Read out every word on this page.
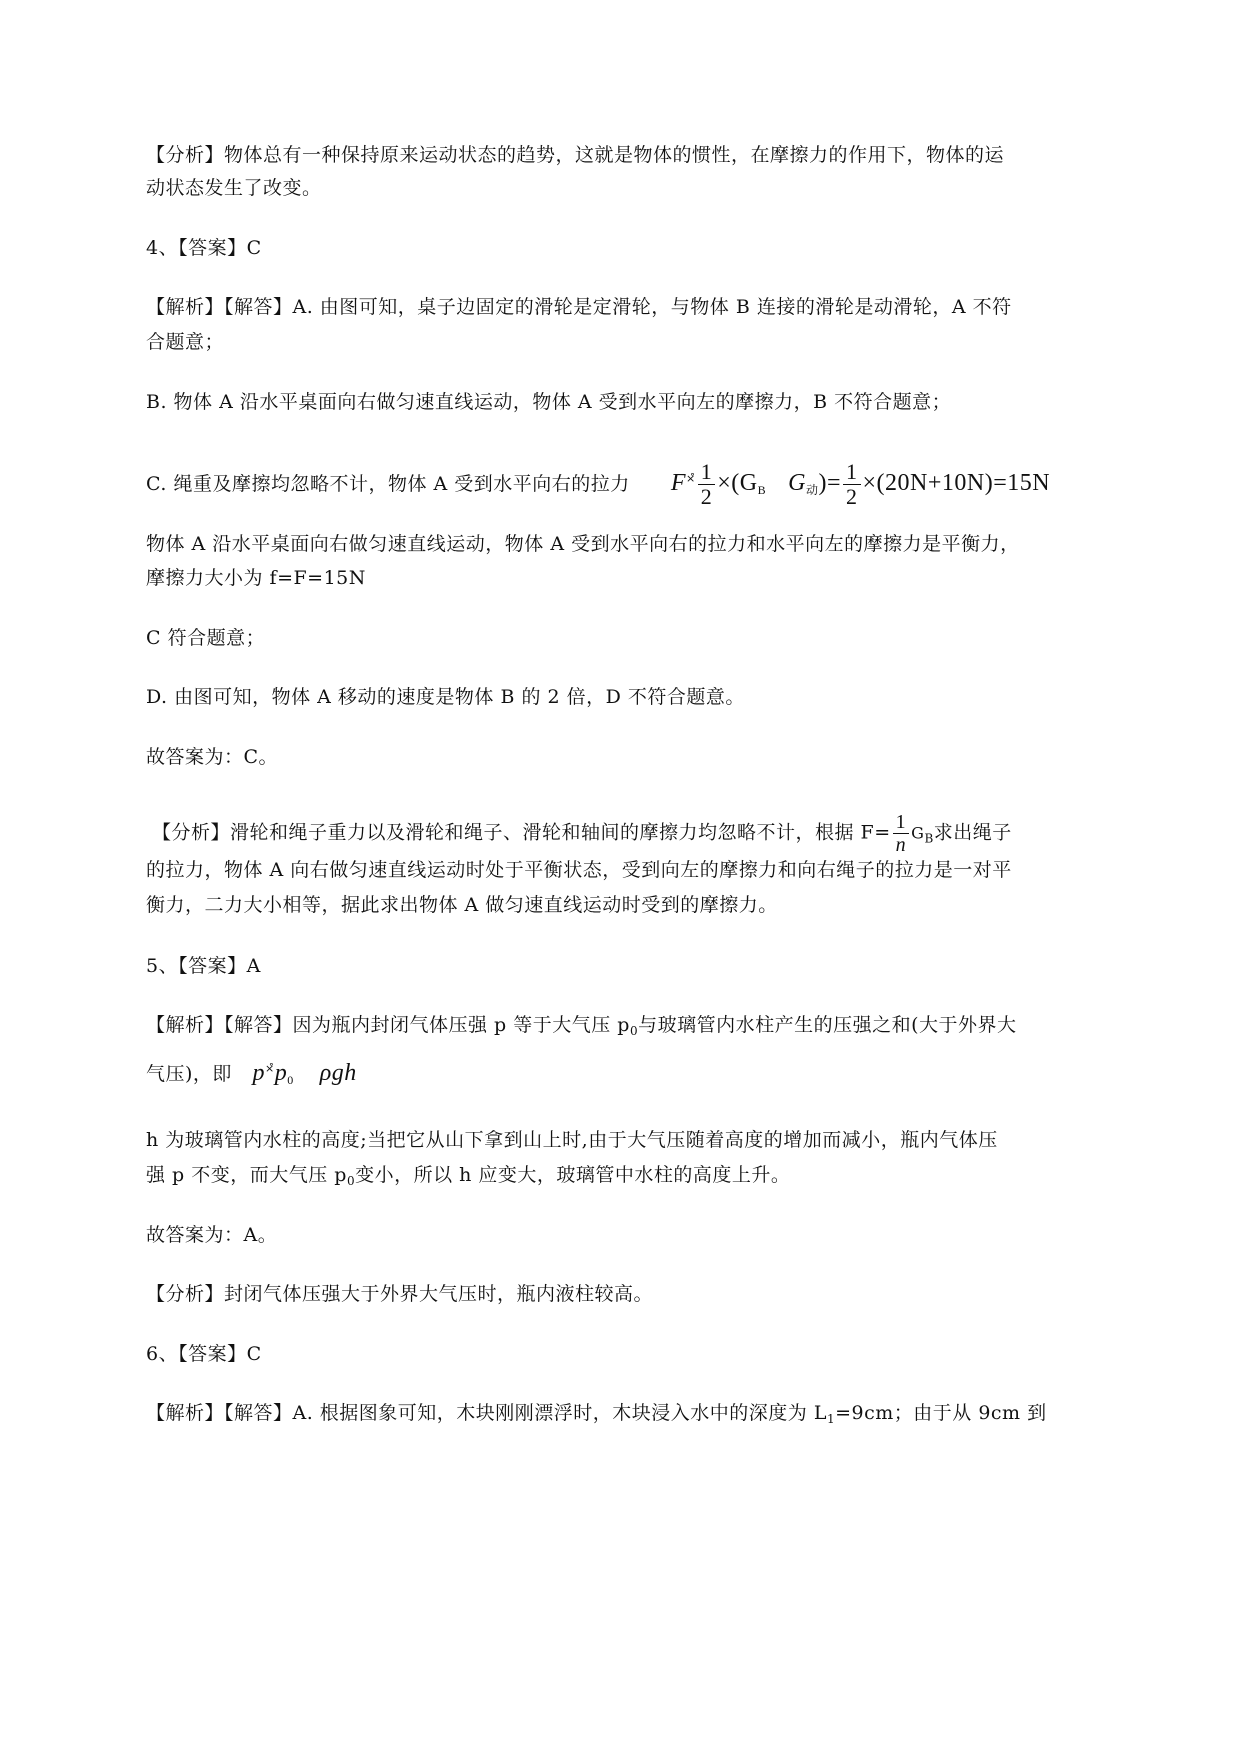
【分析】物体总有一种保持原来运动状态的趋势，这就是物体的惯性，在摩擦力的作用下，物体的运
动状态发生了改变。
4、【答案】C
【解析】【解答】A. 由图可知，桌子边固定的滑轮是定滑轮，与物体 B 连接的滑轮是动滑轮，A 不符
合题意；
B. 物体 A 沿水平桌面向右做匀速直线运动，物体 A 受到水平向左的摩擦力，B 不符合题意；
C. 绳重及摩擦均忽略不计，物体 A 受到水平向右的拉力 $F^{\times̊} \frac{1}{2} \times(G_B$ $G_动)= \frac{1}{2} \times(20N+10N)=15N$
物体 A 沿水平桌面向右做匀速直线运动，物体 A 受到水平向右的拉力和水平向左的摩擦力是平衡力，
摩擦力大小为 f=F=15N
C 符合题意；
D. 由图可知，物体 A 移动的速度是物体 B 的 2 倍，D 不符合题意。
故答案为：C。
【分析】滑轮和绳子重力以及滑轮和绳子、滑轮和轴间的摩擦力均忽略不计，根据 $F= \frac{1}{n} G_B$求出绳子
的拉力，物体 A 向右做匀速直线运动时处于平衡状态，受到向左的摩擦力和向右绳子的拉力是一对平
衡力，二力大小相等，据此求出物体 A 做匀速直线运动时受到的摩擦力。
5、【答案】A
【解析】【解答】因为瓶内封闭气体压强 p 等于大气压 $p_0$与玻璃管内水柱产生的压强之和(大于外界大
气压)，即 $p^{\times̊}p_0$ ρgh
h 为玻璃管内水柱的高度;当把它从山下拿到山上时,由于大气压随着高度的增加而减小，瓶内气体压
强 p 不变，而大气压 $p_0$变小，所以 h 应变大，玻璃管中水柱的高度上升。
故答案为：A。
【分析】封闭气体压强大于外界大气压时，瓶内液柱较高。
6、【答案】C
【解析】【解答】A. 根据图象可知，木块刚刚漂浮时，木块浸入水中的深度为 $L_1=9cm$；由于从 9cm 到
